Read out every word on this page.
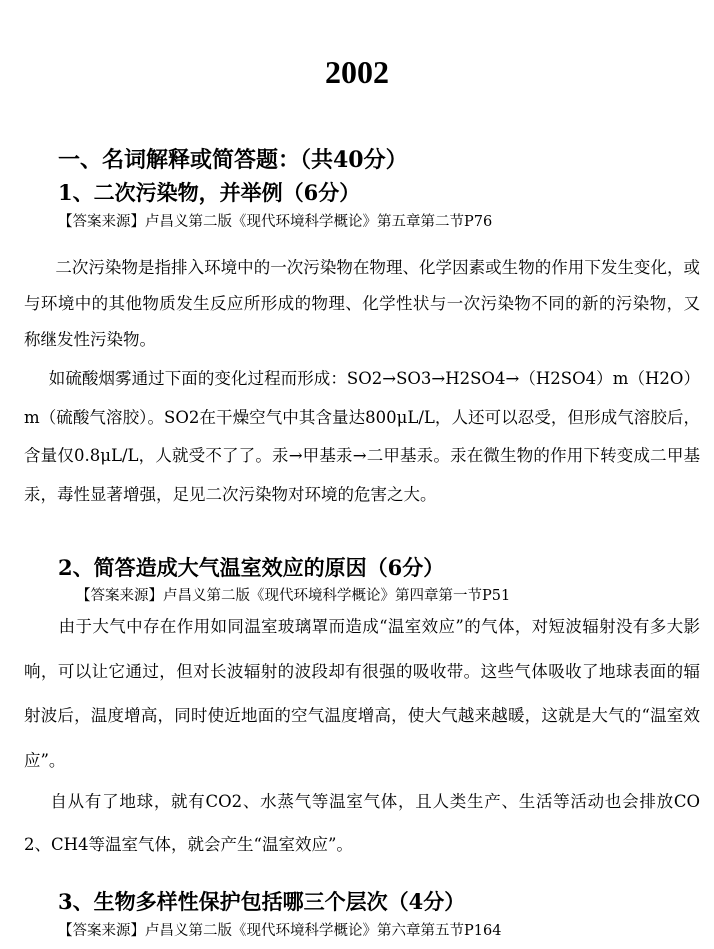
2002
一、名词解释或简答题：（共40分）
1、二次污染物，并举例（6分）
【答案来源】卢昌义第二版《现代环境科学概论》第五章第二节P76
二次污染物是指排入环境中的一次污染物在物理、化学因素或生物的作用下发生变化，或与环境中的其他物质发生反应所形成的物理、化学性状与一次污染物不同的新的污染物，又称继发性污染物。
如硫酸烟雾通过下面的变化过程而形成：SO2→SO3→H2SO4→（H2SO4）m（H2O）m（硫酸气溶胶）。SO2在干燥空气中其含量达800μL/L，人还可以忍受，但形成气溶胶后，含量仅0.8μL/L，人就受不了了。汞→甲基汞→二甲基汞。汞在微生物的作用下转变成二甲基汞，毒性显著增强，足见二次污染物对环境的危害之大。
2、简答造成大气温室效应的原因（6分）
【答案来源】卢昌义第二版《现代环境科学概论》第四章第一节P51
由于大气中存在作用如同温室玻璃罩而造成“温室效应”的气体，对短波辐射没有多大影响，可以让它通过，但对长波辐射的波段却有很强的吸收带。这些气体吸收了地球表面的辐射波后，温度增高，同时使近地面的空气温度增高，使大气越来越暖，这就是大气的“温室效应”。
自从有了地球，就有CO2、水蒸气等温室气体，且人类生产、生活等活动也会排放CO2、CH4等温室气体，就会产生“温室效应”。
3、生物多样性保护包括哪三个层次（4分）
【答案来源】卢昌义第二版《现代环境科学概论》第六章第五节P164
